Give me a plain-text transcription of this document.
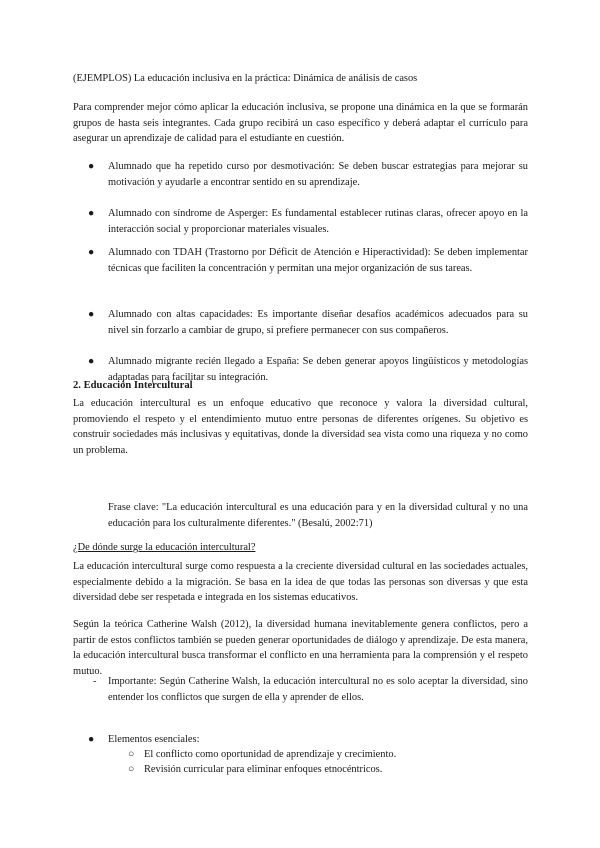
(EJEMPLOS) La educación inclusiva en la práctica: Dinámica de análisis de casos

Para comprender mejor cómo aplicar la educación inclusiva, se propone una dinámica en la que se formarán grupos de hasta seis integrantes. Cada grupo recibirá un caso específico y deberá adaptar el currículo para asegurar un aprendizaje de calidad para el estudiante en cuestión.

● Alumnado que ha repetido curso por desmotivación: Se deben buscar estrategias para mejorar su motivación y ayudarle a encontrar sentido en su aprendizaje.
● Alumnado con síndrome de Asperger: Es fundamental establecer rutinas claras, ofrecer apoyo en la interacción social y proporcionar materiales visuales.
● Alumnado con TDAH (Trastorno por Déficit de Atención e Hiperactividad): Se deben implementar técnicas que faciliten la concentración y permitan una mejor organización de sus tareas.
● Alumnado con altas capacidades: Es importante diseñar desafíos académicos adecuados para su nivel sin forzarlo a cambiar de grupo, si prefiere permanecer con sus compañeros.
● Alumnado migrante recién llegado a España: Se deben generar apoyos lingüísticos y metodologías adaptadas para facilitar su integración.

2. Educación Intercultural

La educación intercultural es un enfoque educativo que reconoce y valora la diversidad cultural, promoviendo el respeto y el entendimiento mutuo entre personas de diferentes orígenes. Su objetivo es construir sociedades más inclusivas y equitativas, donde la diversidad sea vista como una riqueza y no como un problema.

Frase clave: "La educación intercultural es una educación para y en la diversidad cultural y no una educación para los culturalmente diferentes." (Besalú, 2002:71)

¿De dónde surge la educación intercultural?

La educación intercultural surge como respuesta a la creciente diversidad cultural en las sociedades actuales, especialmente debido a la migración. Se basa en la idea de que todas las personas son diversas y que esta diversidad debe ser respetada e integrada en los sistemas educativos.

Según la teórica Catherine Walsh (2012), la diversidad humana inevitablemente genera conflictos, pero a partir de estos conflictos también se pueden generar oportunidades de diálogo y aprendizaje. De esta manera, la educación intercultural busca transformar el conflicto en una herramienta para la comprensión y el respeto mutuo.

- Importante: Según Catherine Walsh, la educación intercultural no es solo aceptar la diversidad, sino entender los conflictos que surgen de ella y aprender de ellos.
● Elementos esenciales:
○ El conflicto como oportunidad de aprendizaje y crecimiento.
○ Revisión curricular para eliminar enfoques etnocéntricos.
